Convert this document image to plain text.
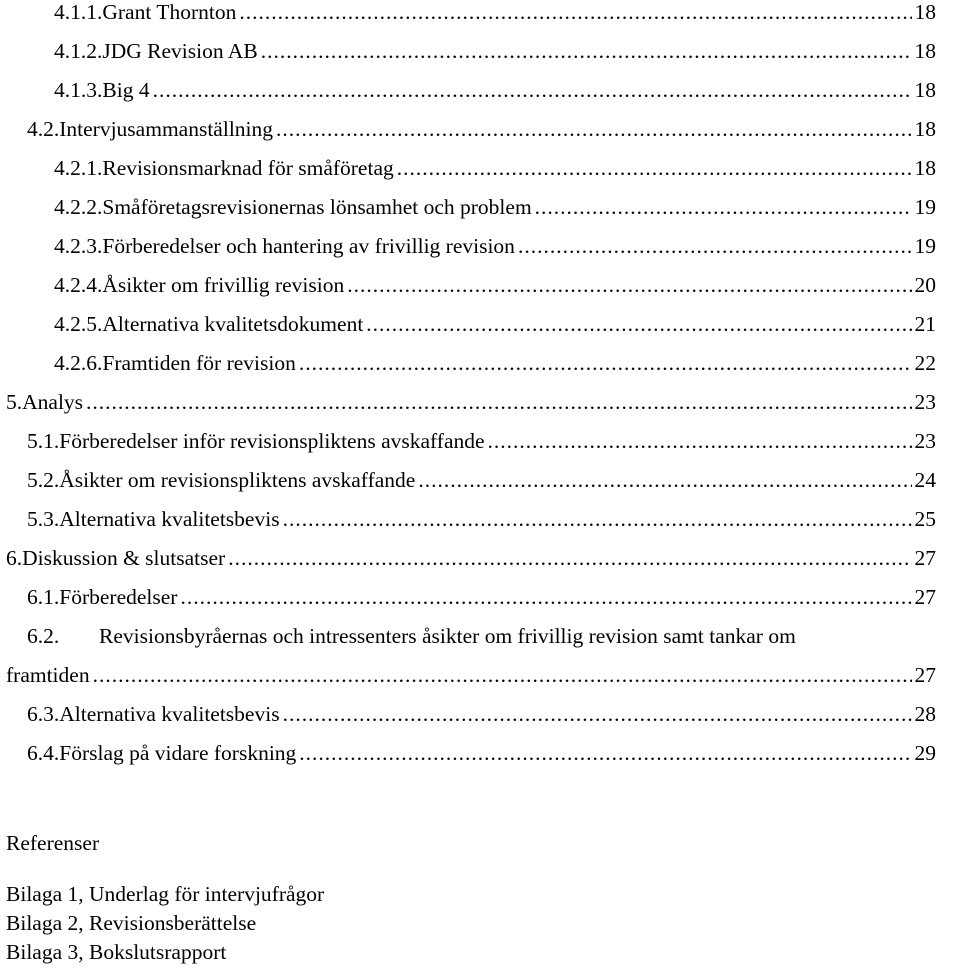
4.1.1. Grant Thornton .....	18
4.1.2. JDG Revision AB .....	18
4.1.3. Big 4 .....	18
4.2. Intervjusammanställning .....	18
4.2.1. Revisionsmarknad för småföretag .....	18
4.2.2. Småföretagsrevisionernas lönsamhet och problem .....	19
4.2.3. Förberedelser och hantering av frivillig revision .....	19
4.2.4. Åsikter om frivillig revision .....	20
4.2.5. Alternativa kvalitetsdokument .....	21
4.2.6. Framtiden för revision .....	22
5. Analys .....	23
5.1. Förberedelser inför revisionspliktens avskaffande .....	23
5.2. Åsikter om revisionspliktens avskaffande .....	24
5.3. Alternativa kvalitetsbevis .....	25
6. Diskussion & slutsatser .....	27
6.1. Förberedelser .....	27
6.2. Revisionsbyråernas och intressenters åsikter om frivillig revision samt tankar om
framtiden .....	27
6.3. Alternativa kvalitetsbevis .....	28
6.4. Förslag på vidare forskning .....	29
Referenser
Bilaga 1, Underlag för intervjufrågor
Bilaga 2, Revisionsberättelse
Bilaga 3, Bokslutsrapport
